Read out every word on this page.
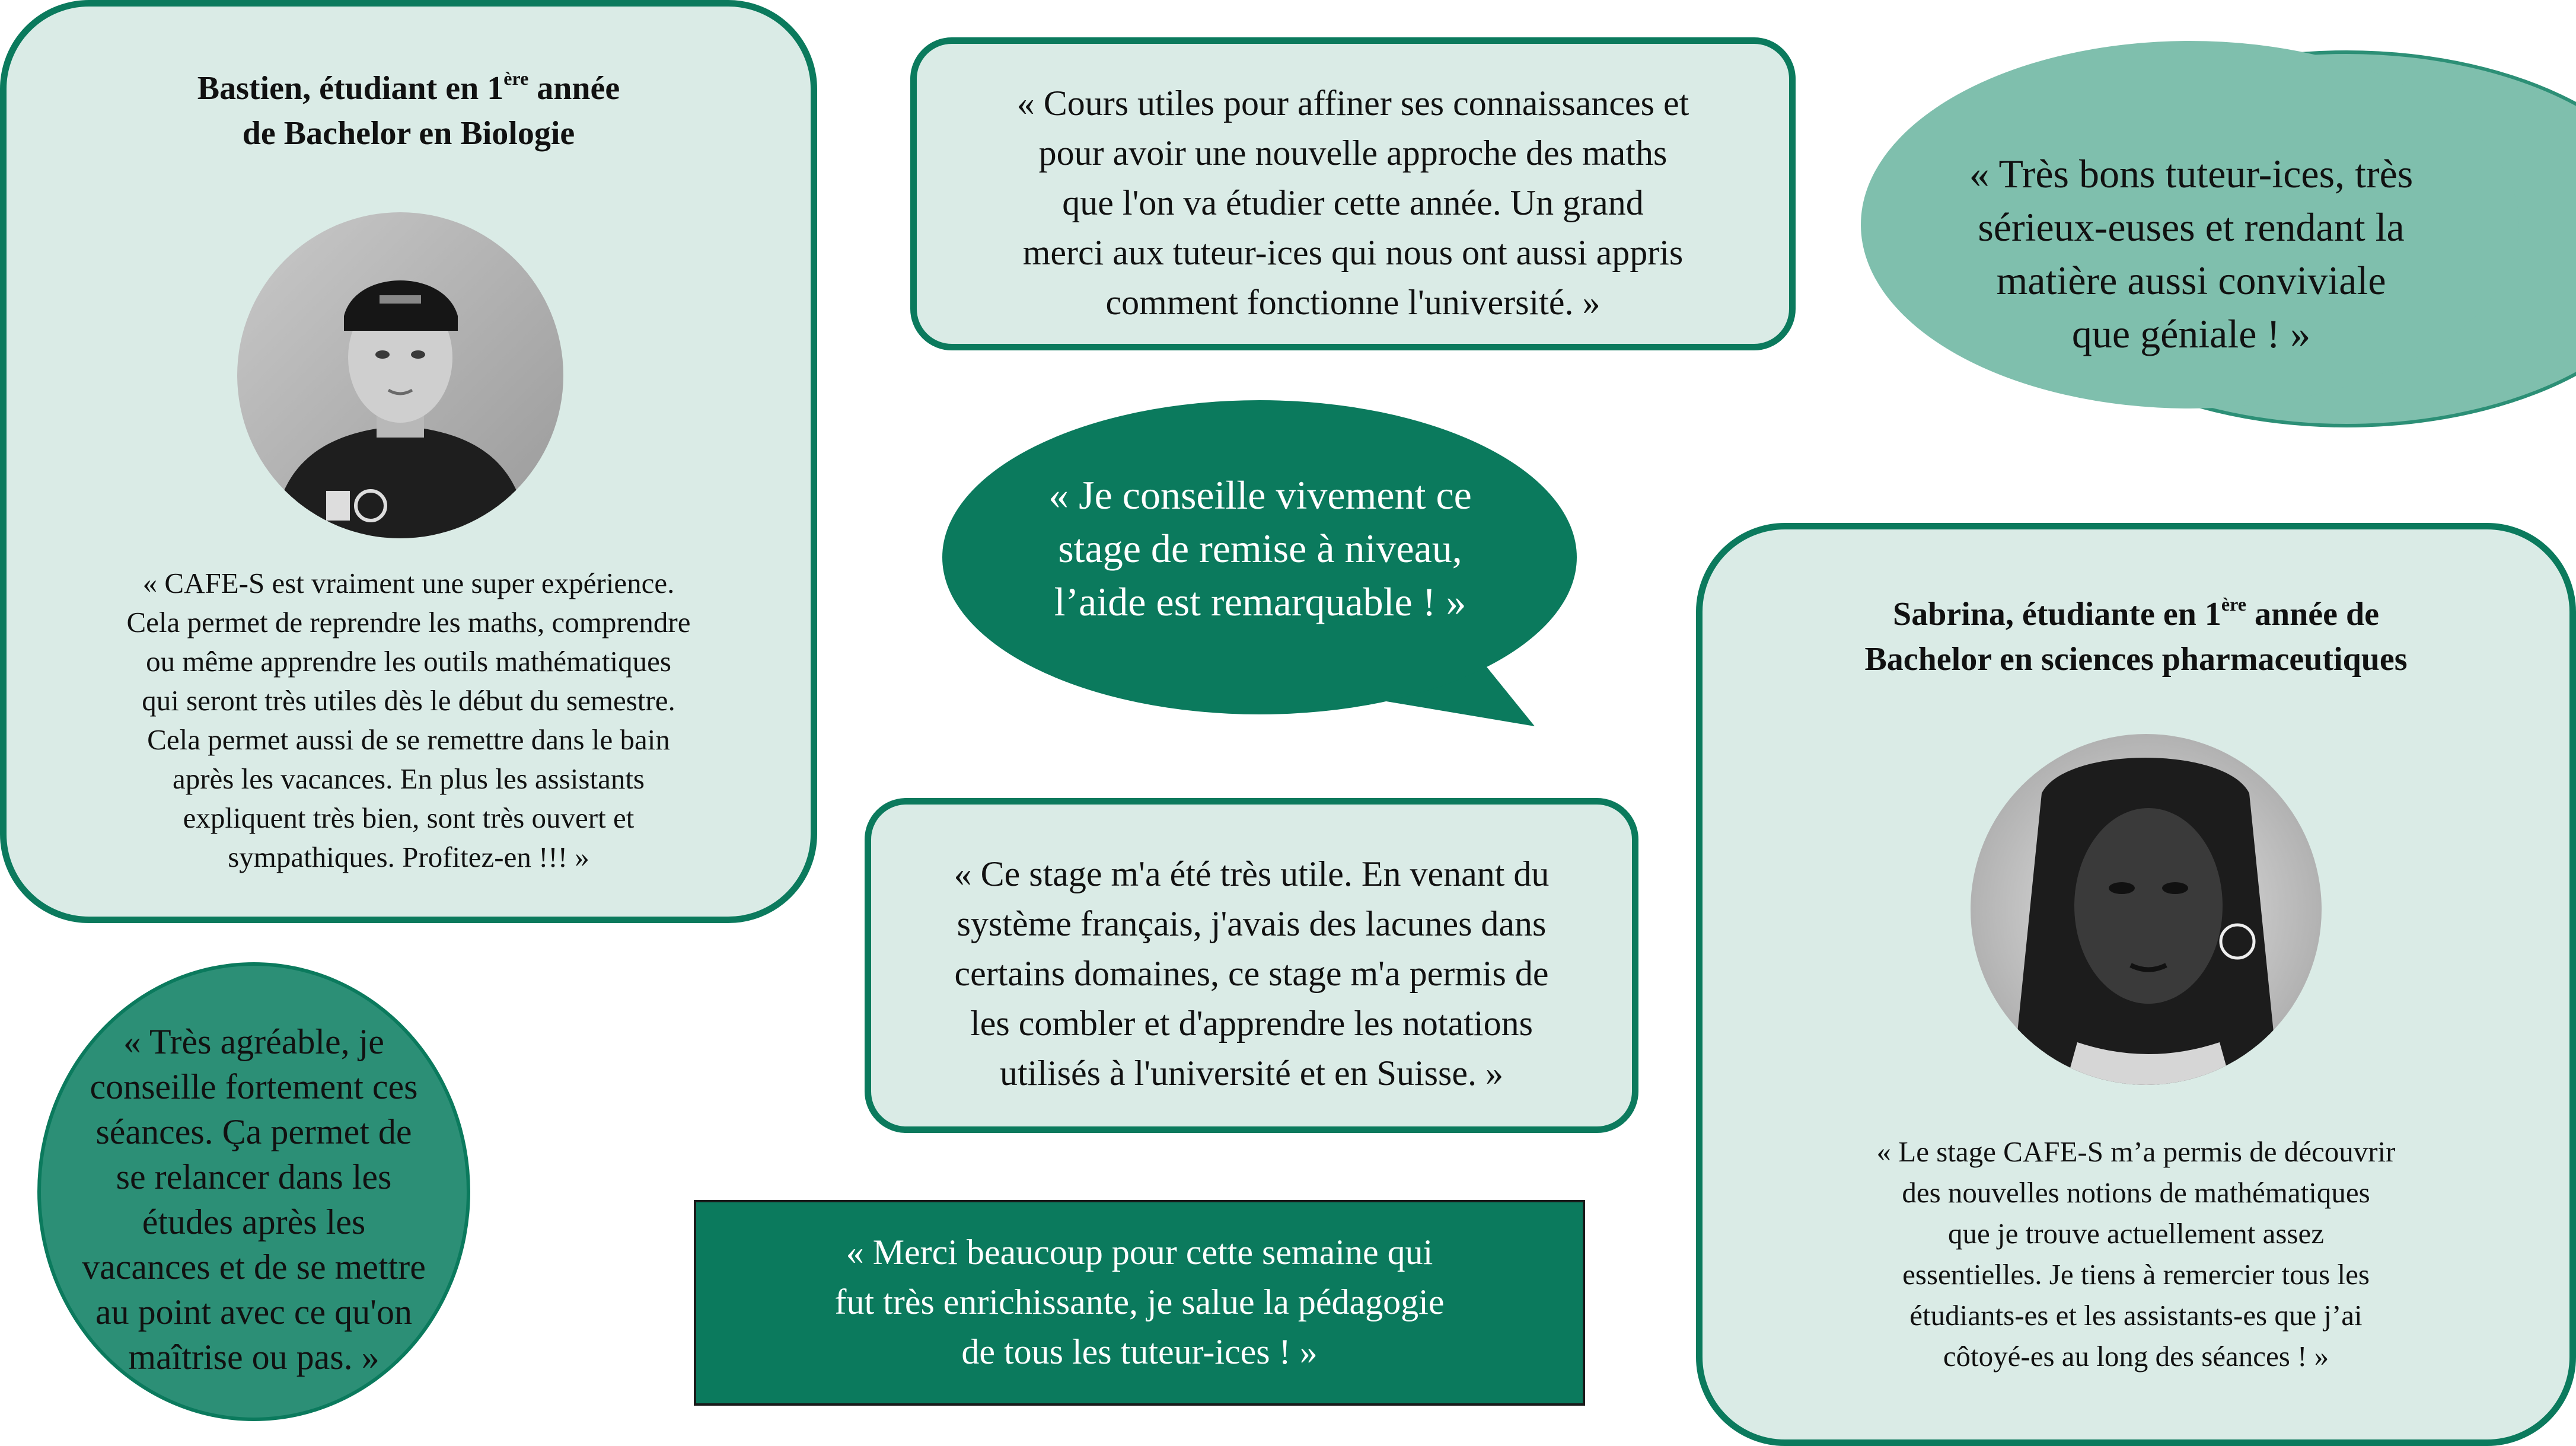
Bastien, étudiant en 1ère année
de Bachelor en Biologie

« CAFE-S est vraiment une super expérience.
Cela permet de reprendre les maths, comprendre
ou même apprendre les outils mathématiques
qui seront très utiles dès le début du semestre.
Cela permet aussi de se remettre dans le bain
après les vacances. En plus les assistants
expliquent très bien, sont très ouvert et
sympathiques. Profitez-en !!! »
« Cours utiles pour affiner ses connaissances et
pour avoir une nouvelle approche des maths
que l'on va étudier cette année. Un grand
merci aux tuteur-ices qui nous ont aussi appris
comment fonctionne l'université. »
« Très bons tuteur-ices, très
sérieux-euses et rendant la
matière aussi conviviale
que géniale ! »
« Je conseille vivement ce
stage de remise à niveau,
l’aide est remarquable ! »
« Ce stage m'a été très utile. En venant du
système français, j'avais des lacunes dans
certains domaines, ce stage m'a permis de
les combler et d'apprendre les notations
utilisés à l'université et en Suisse. »
« Très agréable, je
conseille fortement ces
séances. Ça permet de
se relancer dans les
études après les
vacances et de se mettre
au point avec ce qu'on
maîtrise ou pas. »
« Merci beaucoup pour cette semaine qui
fut très enrichissante, je salue la pédagogie
de tous les tuteur-ices ! »

Sabrina, étudiante en 1ère année de
Bachelor en sciences pharmaceutiques

« Le stage CAFE-S m’a permis de découvrir
des nouvelles notions de mathématiques
que je trouve actuellement assez
essentielles. Je tiens à remercier tous les
étudiants-es et les assistants-es que j’ai
côtoyé-es au long des séances ! »
